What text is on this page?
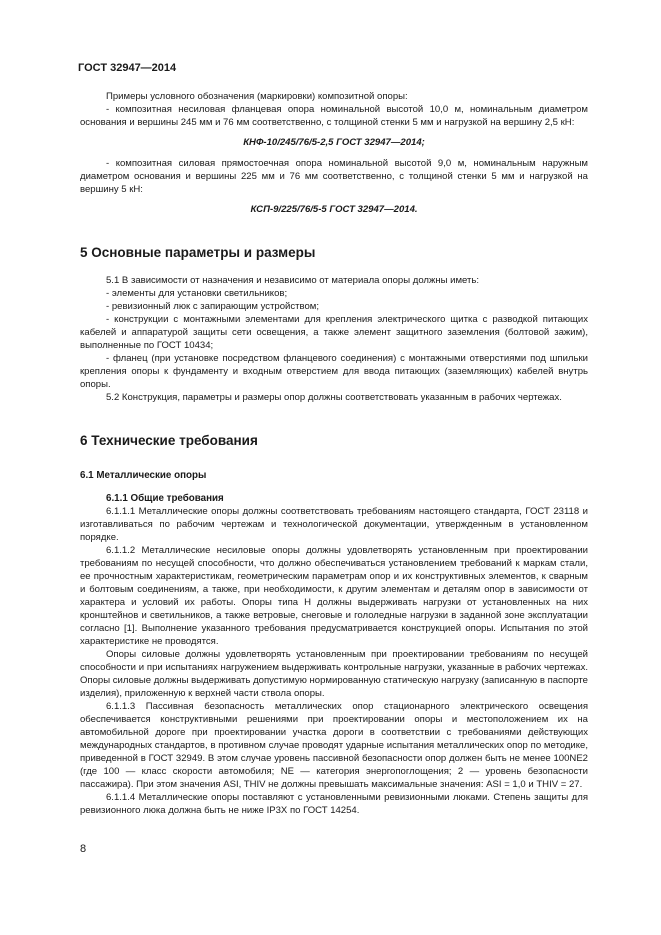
ГОСТ 32947—2014

Примеры условного обозначения (маркировки) композитной опоры:

- композитная несиловая фланцевая опора номинальной высотой 10,0 м, номинальным диаметром основания и вершины 245 мм и 76 мм соответственно, с толщиной стенки 5 мм и нагрузкой на вершину 2,5 кН:

КНФ-10/245/76/5-2,5 ГОСТ 32947—2014;

- композитная силовая прямостоечная опора номинальной высотой 9,0 м, номинальным наружным диаметром основания и вершины 225 мм и 76 мм соответственно, с толщиной стенки 5 мм и нагрузкой на вершину 5 кН:

КСП-9/225/76/5-5 ГОСТ 32947—2014.

5 Основные параметры и размеры

5.1 В зависимости от назначения и независимо от материала опоры должны иметь:

- элементы для установки светильников;

- ревизионный люк с запирающим устройством;

- конструкции с монтажными элементами для крепления электрического щитка с разводкой питающих кабелей и аппаратурой защиты сети освещения, а также элемент защитного заземления (болтовой зажим), выполненные по ГОСТ 10434;

- фланец (при установке посредством фланцевого соединения) с монтажными отверстиями под шпильки крепления опоры к фундаменту и входным отверстием для ввода питающих (заземляющих) кабелей внутрь опоры.

5.2 Конструкция, параметры и размеры опор должны соответствовать указанным в рабочих чертежах.

6 Технические требования
6.1 Металлические опоры
6.1.1 Общие требования

6.1.1.1 Металлические опоры должны соответствовать требованиям настоящего стандарта, ГОСТ 23118 и изготавливаться по рабочим чертежам и технологической документации, утвержденным в установленном порядке.

6.1.1.2 Металлические несиловые опоры должны удовлетворять установленным при проектировании требованиям по несущей способности, что должно обеспечиваться установлением требований к маркам стали, ее прочностным характеристикам, геометрическим параметрам опор и их конструктивных элементов, к сварным и болтовым соединениям, а также, при необходимости, к другим элементам и деталям опор в зависимости от характера и условий их работы. Опоры типа Н должны выдерживать нагрузки от установленных на них кронштейнов и светильников, а также ветровые, снеговые и гололедные нагрузки в заданной зоне эксплуатации согласно [1]. Выполнение указанного требования предусматривается конструкцией опоры. Испытания по этой характеристике не проводятся.

Опоры силовые должны удовлетворять установленным при проектировании требованиям по несущей способности и при испытаниях нагружением выдерживать контрольные нагрузки, указанные в рабочих чертежах. Опоры силовые должны выдерживать допустимую нормированную статическую нагрузку (записанную в паспорте изделия), приложенную к верхней части ствола опоры.

6.1.1.3 Пассивная безопасность металлических опор стационарного электрического освещения обеспечивается конструктивными решениями при проектировании опоры и местоположением их на автомобильной дороге при проектировании участка дороги в соответствии с требованиями действующих международных стандартов, в противном случае проводят ударные испытания металлических опор по методике, приведенной в ГОСТ 32949. В этом случае уровень пассивной безопасности опор должен быть не менее 100NE2 (где 100 — класс скорости автомобиля; NE — категория энергопоглощения; 2 — уровень безопасности пассажира). При этом значения ASI, THIV не должны превышать максимальные значения: ASI = 1,0 и THIV = 27.

6.1.1.4 Металлические опоры поставляют с установленными ревизионными люками. Степень защиты для ревизионного люка должна быть не ниже IP3X по ГОСТ 14254.

8
